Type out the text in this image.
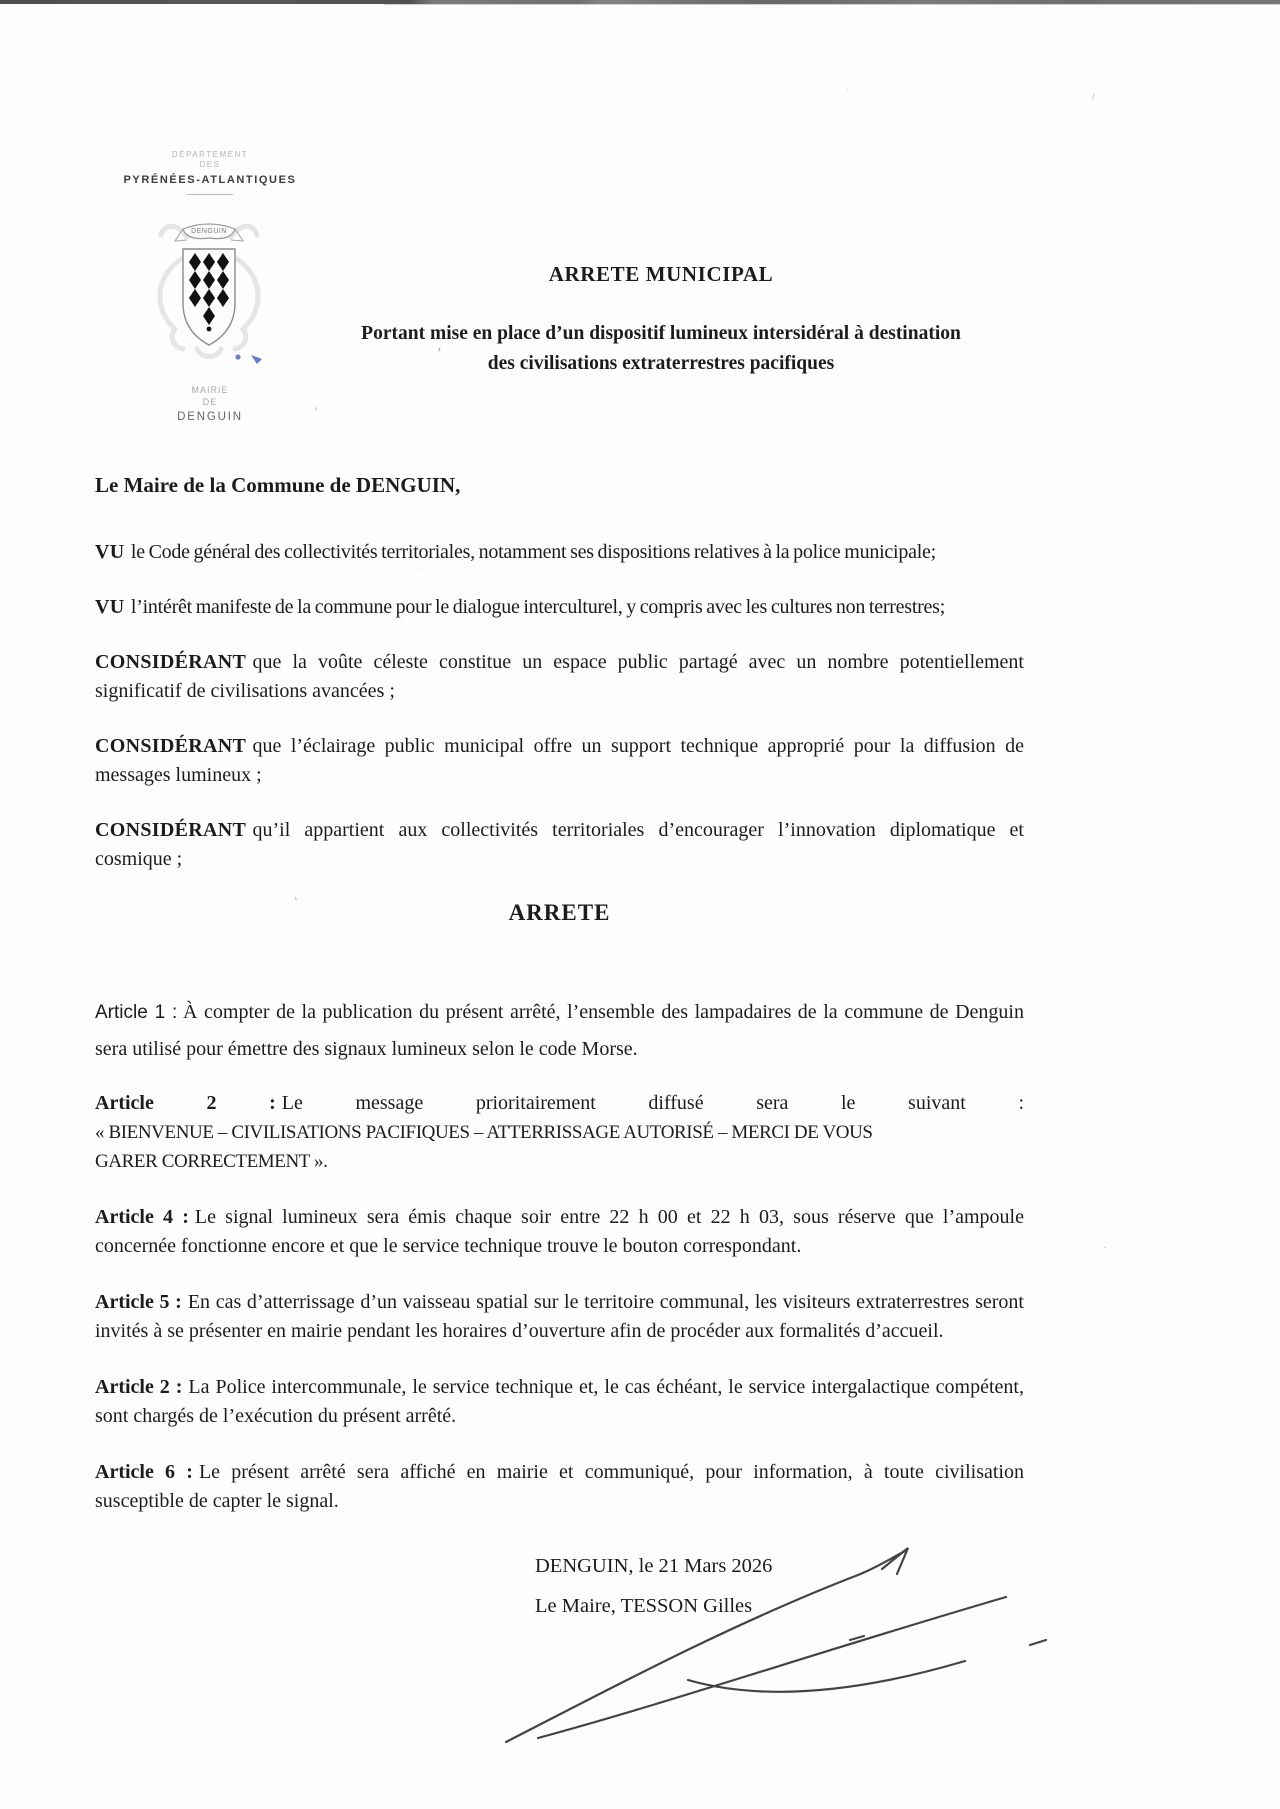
DÉPARTEMENT
DES
PYRÉNÉES-ATLANTIQUES
DENGUIN
MAIRIE
DE
DENGUIN
ARRETE MUNICIPAL

Portant mise en place d’un dispositif lumineux intersidéral à destination
des civilisations extraterrestres pacifiques

Le Maire de la Commune de DENGUIN,

VU le Code général des collectivités territoriales, notamment ses dispositions relatives à la police municipale;

VU l’intérêt manifeste de la commune pour le dialogue interculturel, y compris avec les cultures non terrestres;

CONSIDÉRANT que la voûte céleste constitue un espace public partagé avec un nombre potentiellement significatif de civilisations avancées ;

CONSIDÉRANT que l’éclairage public municipal offre un support technique approprié pour la diffusion de messages lumineux ;

CONSIDÉRANT qu’il appartient aux collectivités territoriales d’encourager l’innovation diplomatique et cosmique ;

ARRETE

Article 1 : À compter de la publication du présent arrêté, l’ensemble des lampadaires de la commune de Denguin sera utilisé pour émettre des signaux lumineux selon le code Morse.

Article 2 : Le message prioritairement diffusé sera le suivant :
« BIENVENUE – CIVILISATIONS PACIFIQUES – ATTERRISSAGE AUTORISÉ – MERCI DE VOUS
GARER CORRECTEMENT ».

Article 4 : Le signal lumineux sera émis chaque soir entre 22 h 00 et 22 h 03, sous réserve que l’ampoule concernée fonctionne encore et que le service technique trouve le bouton correspondant.

Article 5 : En cas d’atterrissage d’un vaisseau spatial sur le territoire communal, les visiteurs extraterrestres seront invités à se présenter en mairie pendant les horaires d’ouverture afin de procéder aux formalités d’accueil.

Article 2 : La Police intercommunale, le service technique et, le cas échéant, le service intergalactique compétent, sont chargés de l’exécution du présent arrêté.

Article 6 : Le présent arrêté sera affiché en mairie et communiqué, pour information, à toute civilisation susceptible de capter le signal.

DENGUIN, le 21 Mars 2026
Le Maire, TESSON Gilles
·	ι
’
ʹ
ʻ
.
·
